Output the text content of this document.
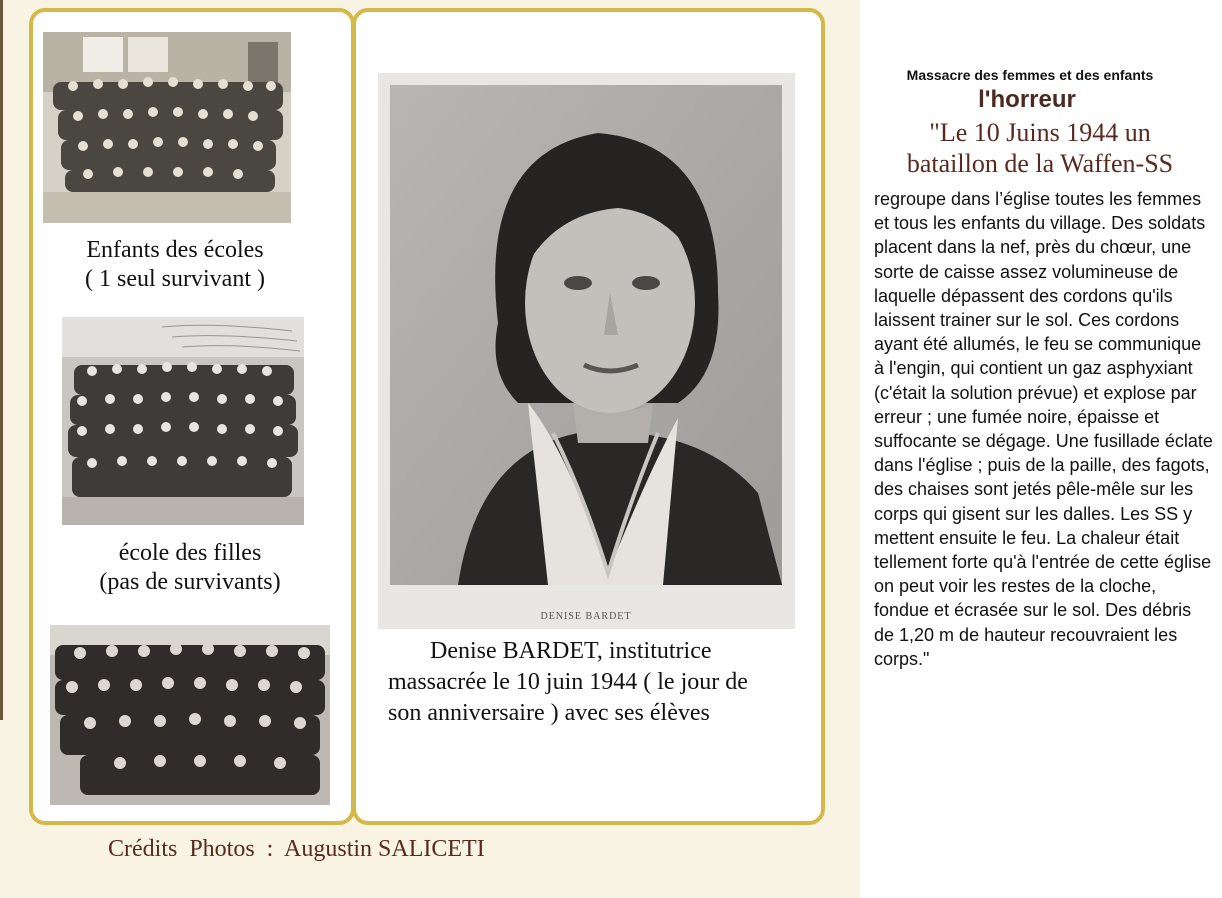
Enfants des écoles
( 1 seul survivant )
école des filles
(pas de survivants)
DENISE BARDET
Denise BARDET, institutrice
massacrée le 10 juin 1944 ( le jour de
son anniversaire ) avec ses élèves
Crédits  Photos  :  Augustin SALICETI
Massacre des femmes et des enfants
l'horreur
"Le 10 Juins 1944 un
bataillon de la Waffen-SS
regroupe dans l’église toutes les femmes et tous les enfants du village. Des soldats placent dans la nef, près du chœur, une sorte de caisse assez volumineuse de laquelle dépassent des cordons qu'ils laissent trainer sur le sol. Ces cordons ayant été allumés, le feu se communique à l'engin, qui contient un gaz asphyxiant (c'était la solution prévue) et explose par erreur ; une fumée noire, épaisse et suffocante se dégage. Une fusillade éclate dans l'église ; puis de la paille, des fagots, des chaises sont jetés pêle-mêle sur les corps qui gisent sur les dalles. Les SS y mettent ensuite le feu. La chaleur était tellement forte qu'à l'entrée de cette église on peut voir les restes de la cloche, fondue et écrasée sur le sol. Des débris de 1,20 m de hauteur recouvraient les corps."
